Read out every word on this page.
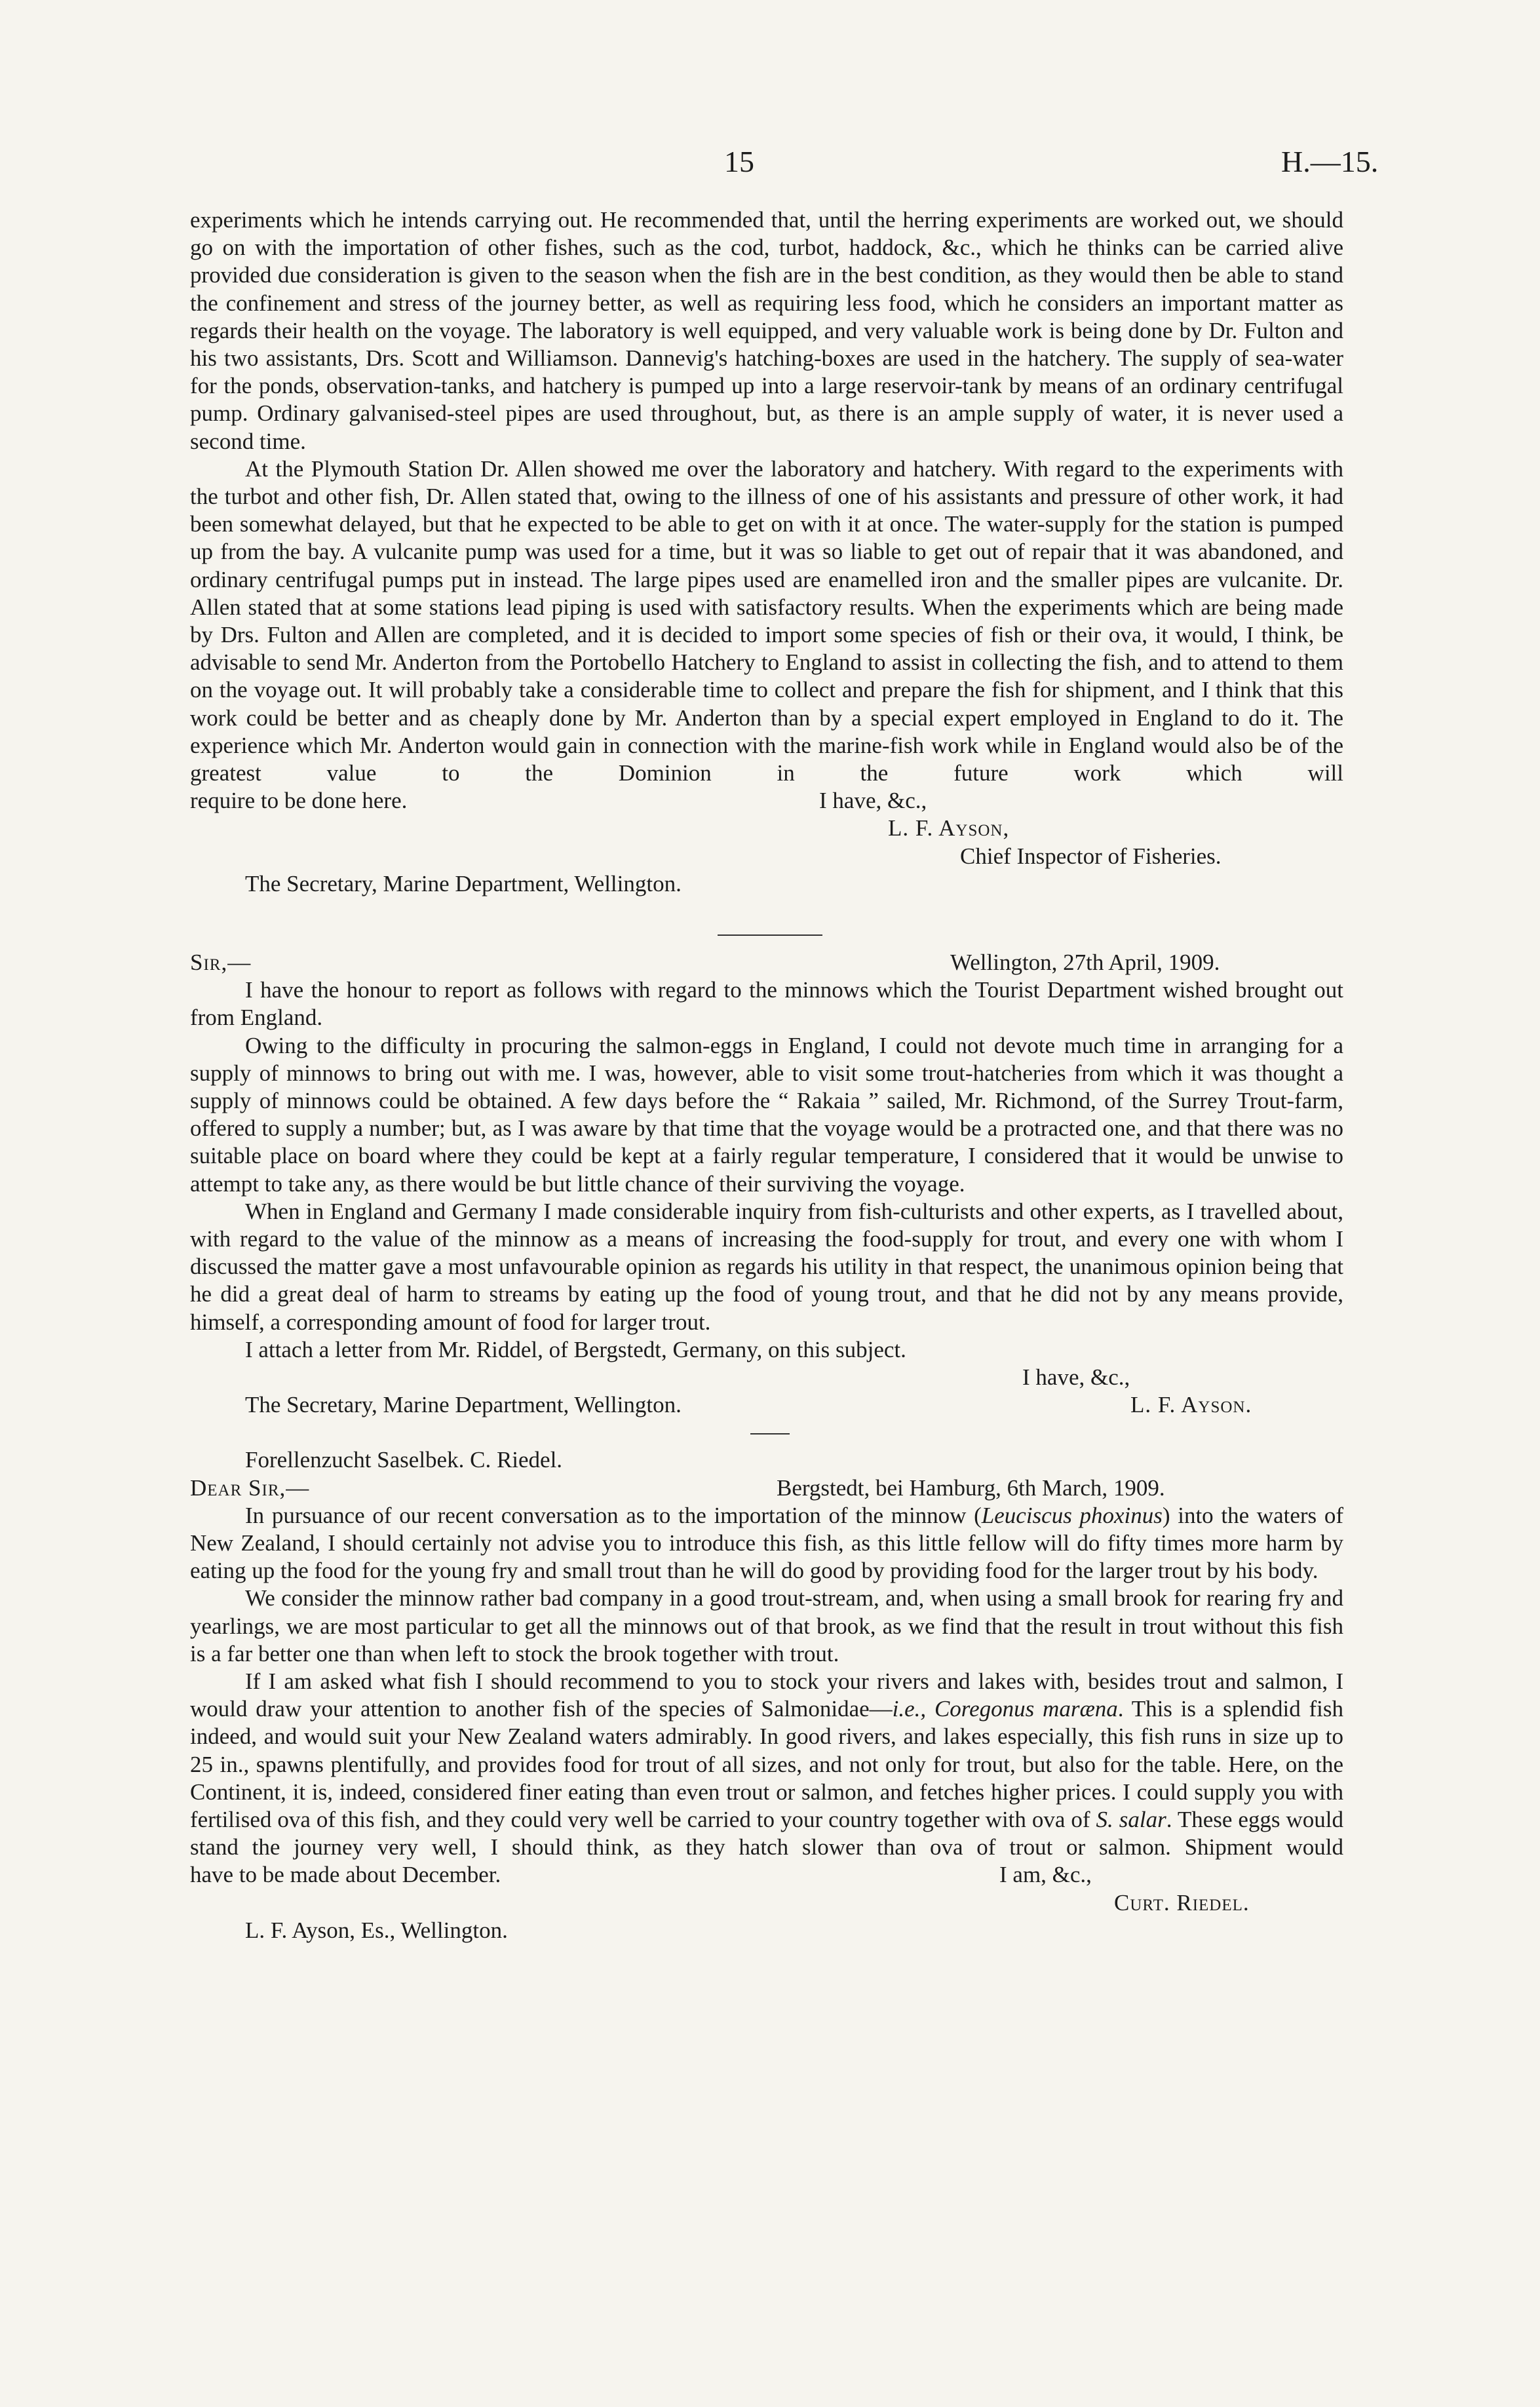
15	H.—15.

experiments which he intends carrying out. He recommended that, until the herring experiments are worked out, we should go on with the importation of other fishes, such as the cod, turbot, haddock, &c., which he thinks can be carried alive provided due consideration is given to the season when the fish are in the best condition, as they would then be able to stand the confinement and stress of the journey better, as well as requiring less food, which he considers an important matter as regards their health on the voyage. The laboratory is well equipped, and very valuable work is being done by Dr. Fulton and his two assistants, Drs. Scott and Williamson. Dannevig's hatching-boxes are used in the hatchery. The supply of sea-water for the ponds, observation-tanks, and hatchery is pumped up into a large reservoir-tank by means of an ordinary centrifugal pump. Ordinary galvanised-steel pipes are used throughout, but, as there is an ample supply of water, it is never used a second time.

At the Plymouth Station Dr. Allen showed me over the laboratory and hatchery. With regard to the experiments with the turbot and other fish, Dr. Allen stated that, owing to the illness of one of his assistants and pressure of other work, it had been somewhat delayed, but that he expected to be able to get on with it at once. The water-supply for the station is pumped up from the bay. A vulcanite pump was used for a time, but it was so liable to get out of repair that it was abandoned, and ordinary centrifugal pumps put in instead. The large pipes used are enamelled iron and the smaller pipes are vulcanite. Dr. Allen stated that at some stations lead piping is used with satisfactory results. When the experiments which are being made by Drs. Fulton and Allen are completed, and it is decided to import some species of fish or their ova, it would, I think, be advisable to send Mr. Anderton from the Portobello Hatchery to England to assist in collecting the fish, and to attend to them on the voyage out. It will probably take a considerable time to collect and prepare the fish for shipment, and I think that this work could be better and as cheaply done by Mr. Anderton than by a special expert employed in England to do it. The experience which Mr. Anderton would gain in connection with the marine-fish work while in England would also be of the greatest value to the Dominion in the future work which will

require to be done here.	I have, &c.,
L. F. Ayson,
Chief Inspector of Fisheries.
The Secretary, Marine Department, Wellington.
Sir,—	Wellington, 27th April, 1909.

I have the honour to report as follows with regard to the minnows which the Tourist Department wished brought out from England.

Owing to the difficulty in procuring the salmon-eggs in England, I could not devote much time in arranging for a supply of minnows to bring out with me. I was, however, able to visit some trout-hatcheries from which it was thought a supply of minnows could be obtained. A few days before the “ Rakaia ” sailed, Mr. Richmond, of the Surrey Trout-farm, offered to supply a number; but, as I was aware by that time that the voyage would be a protracted one, and that there was no suitable place on board where they could be kept at a fairly regular temperature, I considered that it would be unwise to attempt to take any, as there would be but little chance of their surviving the voyage.

When in England and Germany I made considerable inquiry from fish-culturists and other experts, as I travelled about, with regard to the value of the minnow as a means of increasing the food-supply for trout, and every one with whom I discussed the matter gave a most unfavourable opinion as regards his utility in that respect, the unanimous opinion being that he did a great deal of harm to streams by eating up the food of young trout, and that he did not by any means provide, himself, a corresponding amount of food for larger trout.

I attach a letter from Mr. Riddel, of Bergstedt, Germany, on this subject.

I have, &c.,
The Secretary, Marine Department, Wellington.	L. F. Ayson.
Forellenzucht Saselbek. C. Riedel.
Dear Sir,—	Bergstedt, bei Hamburg, 6th March, 1909.

In pursuance of our recent conversation as to the importation of the minnow (Leuciscus phoxinus) into the waters of New Zealand, I should certainly not advise you to introduce this fish, as this little fellow will do fifty times more harm by eating up the food for the young fry and small trout than he will do good by providing food for the larger trout by his body.

We consider the minnow rather bad company in a good trout-stream, and, when using a small brook for rearing fry and yearlings, we are most particular to get all the minnows out of that brook, as we find that the result in trout without this fish is a far better one than when left to stock the brook together with trout.

If I am asked what fish I should recommend to you to stock your rivers and lakes with, besides trout and salmon, I would draw your attention to another fish of the species of Salmonidae—i.e., Coregonus maræna. This is a splendid fish indeed, and would suit your New Zealand waters admirably. In good rivers, and lakes especially, this fish runs in size up to 25 in., spawns plentifully, and provides food for trout of all sizes, and not only for trout, but also for the table. Here, on the Continent, it is, indeed, considered finer eating than even trout or salmon, and fetches higher prices. I could supply you with fertilised ova of this fish, and they could very well be carried to your country together with ova of S. salar. These eggs would stand the journey very well, I should think, as they hatch slower than ova of trout or salmon. Shipment would

have to be made about December.	I am, &c.,
Curt. Riedel.
L. F. Ayson, Es., Wellington.
